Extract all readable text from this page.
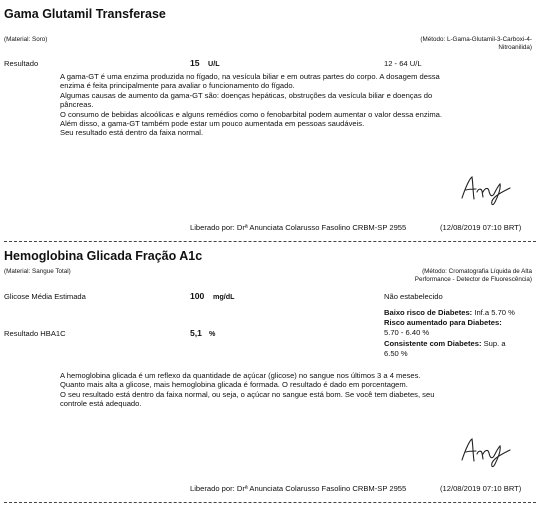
Gama Glutamil Transferase
(Material: Soro)	(Método: L-Gama-Glutamil-3-Carboxi-4-
Nitroanilida)
Resultado	15 U/L	12 - 64 U/L

A gama-GT é uma enzima produzida no fígado, na vesícula biliar e em outras partes do corpo. A dosagem dessa

enzima é feita principalmente para avaliar o funcionamento do fígado.

Algumas causas de aumento da gama-GT são: doenças hepáticas, obstruções da vesícula biliar e doenças do

pâncreas.

O consumo de bebidas alcoólicas e alguns remédios como o fenobarbital podem aumentar o valor dessa enzima.

Além disso, a gama-GT também pode estar um pouco aumentada em pessoas saudáveis.

Seu resultado está dentro da faixa normal.

Liberado por: Drª Anunciata Colarusso Fasolino CRBM-SP 2955	(12/08/2019 07:10 BRT)
Hemoglobina Glicada Fração A1c
(Material: Sangue Total)	(Método: Cromatografia Líquida de Alta
Performance - Detector de Fluorescência)
Glicose Média Estimada	100 mg/dL	Não estabelecido
Baixo risco de Diabetes: Inf.a 5.70 %
Risco aumentado para Diabetes:
5.70 - 6.40 %
Consistente com Diabetes: Sup. a
6.50 %
Resultado HBA1C	5,1 %

A hemoglobina glicada é um reflexo da quantidade de açúcar (glicose) no sangue nos últimos 3 a 4 meses.

Quanto mais alta a glicose, mais hemoglobina glicada é formada. O resultado é dado em porcentagem.

O seu resultado está dentro da faixa normal, ou seja, o açúcar no sangue está bom. Se você tem diabetes, seu

controle está adequado.

Liberado por: Drª Anunciata Colarusso Fasolino CRBM-SP 2955	(12/08/2019 07:10 BRT)
